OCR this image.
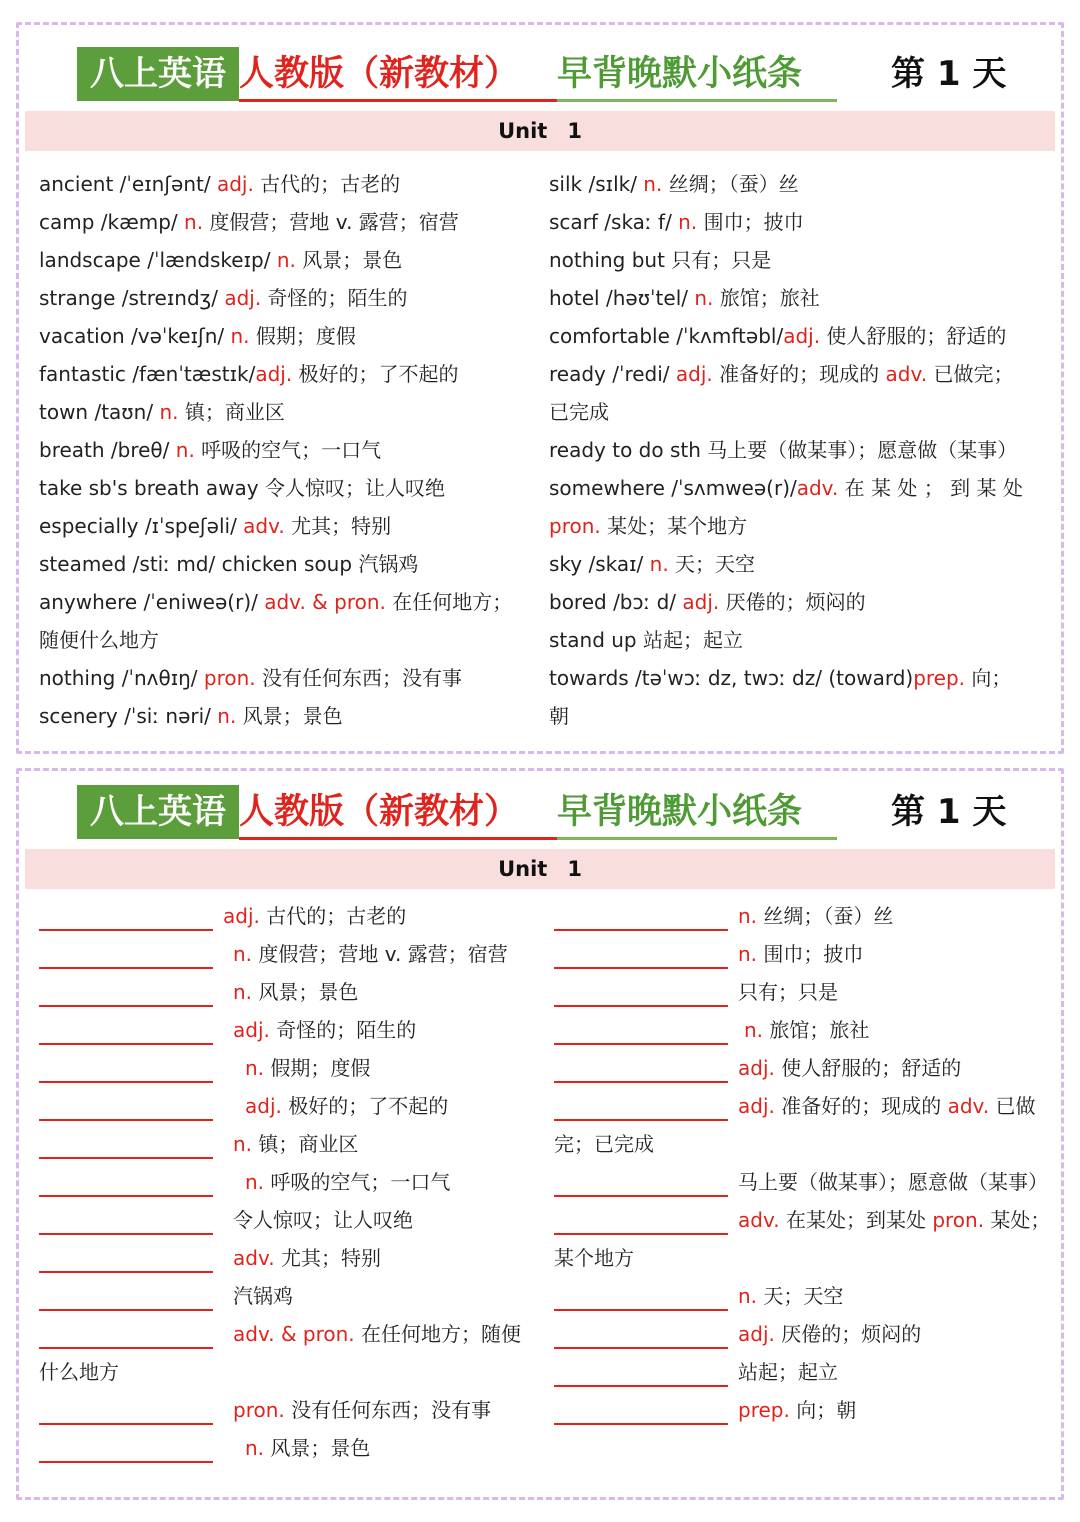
八上英语 人教版（新教材） 早背晚默小纸条	第 1 天
Unit 1
ancient /ˈeɪnʃənt/ adj. 古代的；古老的
camp /kæmp/ n. 度假营；营地 v. 露营；宿营
landscape /ˈlændskeɪp/ n. 风景；景色
strange /streɪndʒ/ adj. 奇怪的；陌生的
vacation /vəˈkeɪʃn/ n. 假期；度假
fantastic /fænˈtæstɪk/adj. 极好的；了不起的
town /taʊn/ n. 镇；商业区
breath /breθ/ n. 呼吸的空气；一口气
take sb's breath away 令人惊叹；让人叹绝
especially /ɪˈspeʃəli/ adv. 尤其；特别
steamed /stiː md/ chicken soup 汽锅鸡
anywhere /ˈeniweə(r)/ adv. & pron. 在任何地方；
随便什么地方
nothing /ˈnʌθɪŋ/ pron. 没有任何东西；没有事
scenery /ˈsiː nəri/ n. 风景；景色
silk /sɪlk/ n. 丝绸；（蚕）丝
scarf /skaː f/ n. 围巾；披巾
nothing but 只有；只是
hotel /həʊˈtel/ n. 旅馆；旅社
comfortable /ˈkʌmftəbl/adj. 使人舒服的；舒适的
ready /ˈredi/ adj. 准备好的；现成的 adv. 已做完；
已完成
ready to do sth 马上要（做某事）；愿意做（某事）
somewhere /ˈsʌmweə(r)/adv. 在 某 处 ； 到 某 处
pron. 某处；某个地方
sky /skaɪ/ n. 天；天空
bored /bɔː d/ adj. 厌倦的；烦闷的
stand up 站起；起立
towards /təˈwɔː dz, twɔː dz/ (toward)prep. 向；
朝
八上英语 人教版（新教材） 早背晚默小纸条	第 1 天
Unit 1
adj. 古代的；古老的
n. 度假营；营地 v. 露营；宿营
n. 风景；景色
adj. 奇怪的；陌生的
n. 假期；度假
adj. 极好的；了不起的
n. 镇；商业区
n. 呼吸的空气；一口气
令人惊叹；让人叹绝
adv. 尤其；特别
汽锅鸡
adv. & pron. 在任何地方；随便
什么地方
pron. 没有任何东西；没有事
n. 风景；景色
n. 丝绸；（蚕）丝
n. 围巾；披巾
只有；只是
n. 旅馆；旅社
adj. 使人舒服的；舒适的
adj. 准备好的；现成的 adv. 已做
完；已完成
马上要（做某事）；愿意做（某事）
adv. 在某处；到某处 pron. 某处；
某个地方
n. 天；天空
adj. 厌倦的；烦闷的
站起；起立
prep. 向；朝
